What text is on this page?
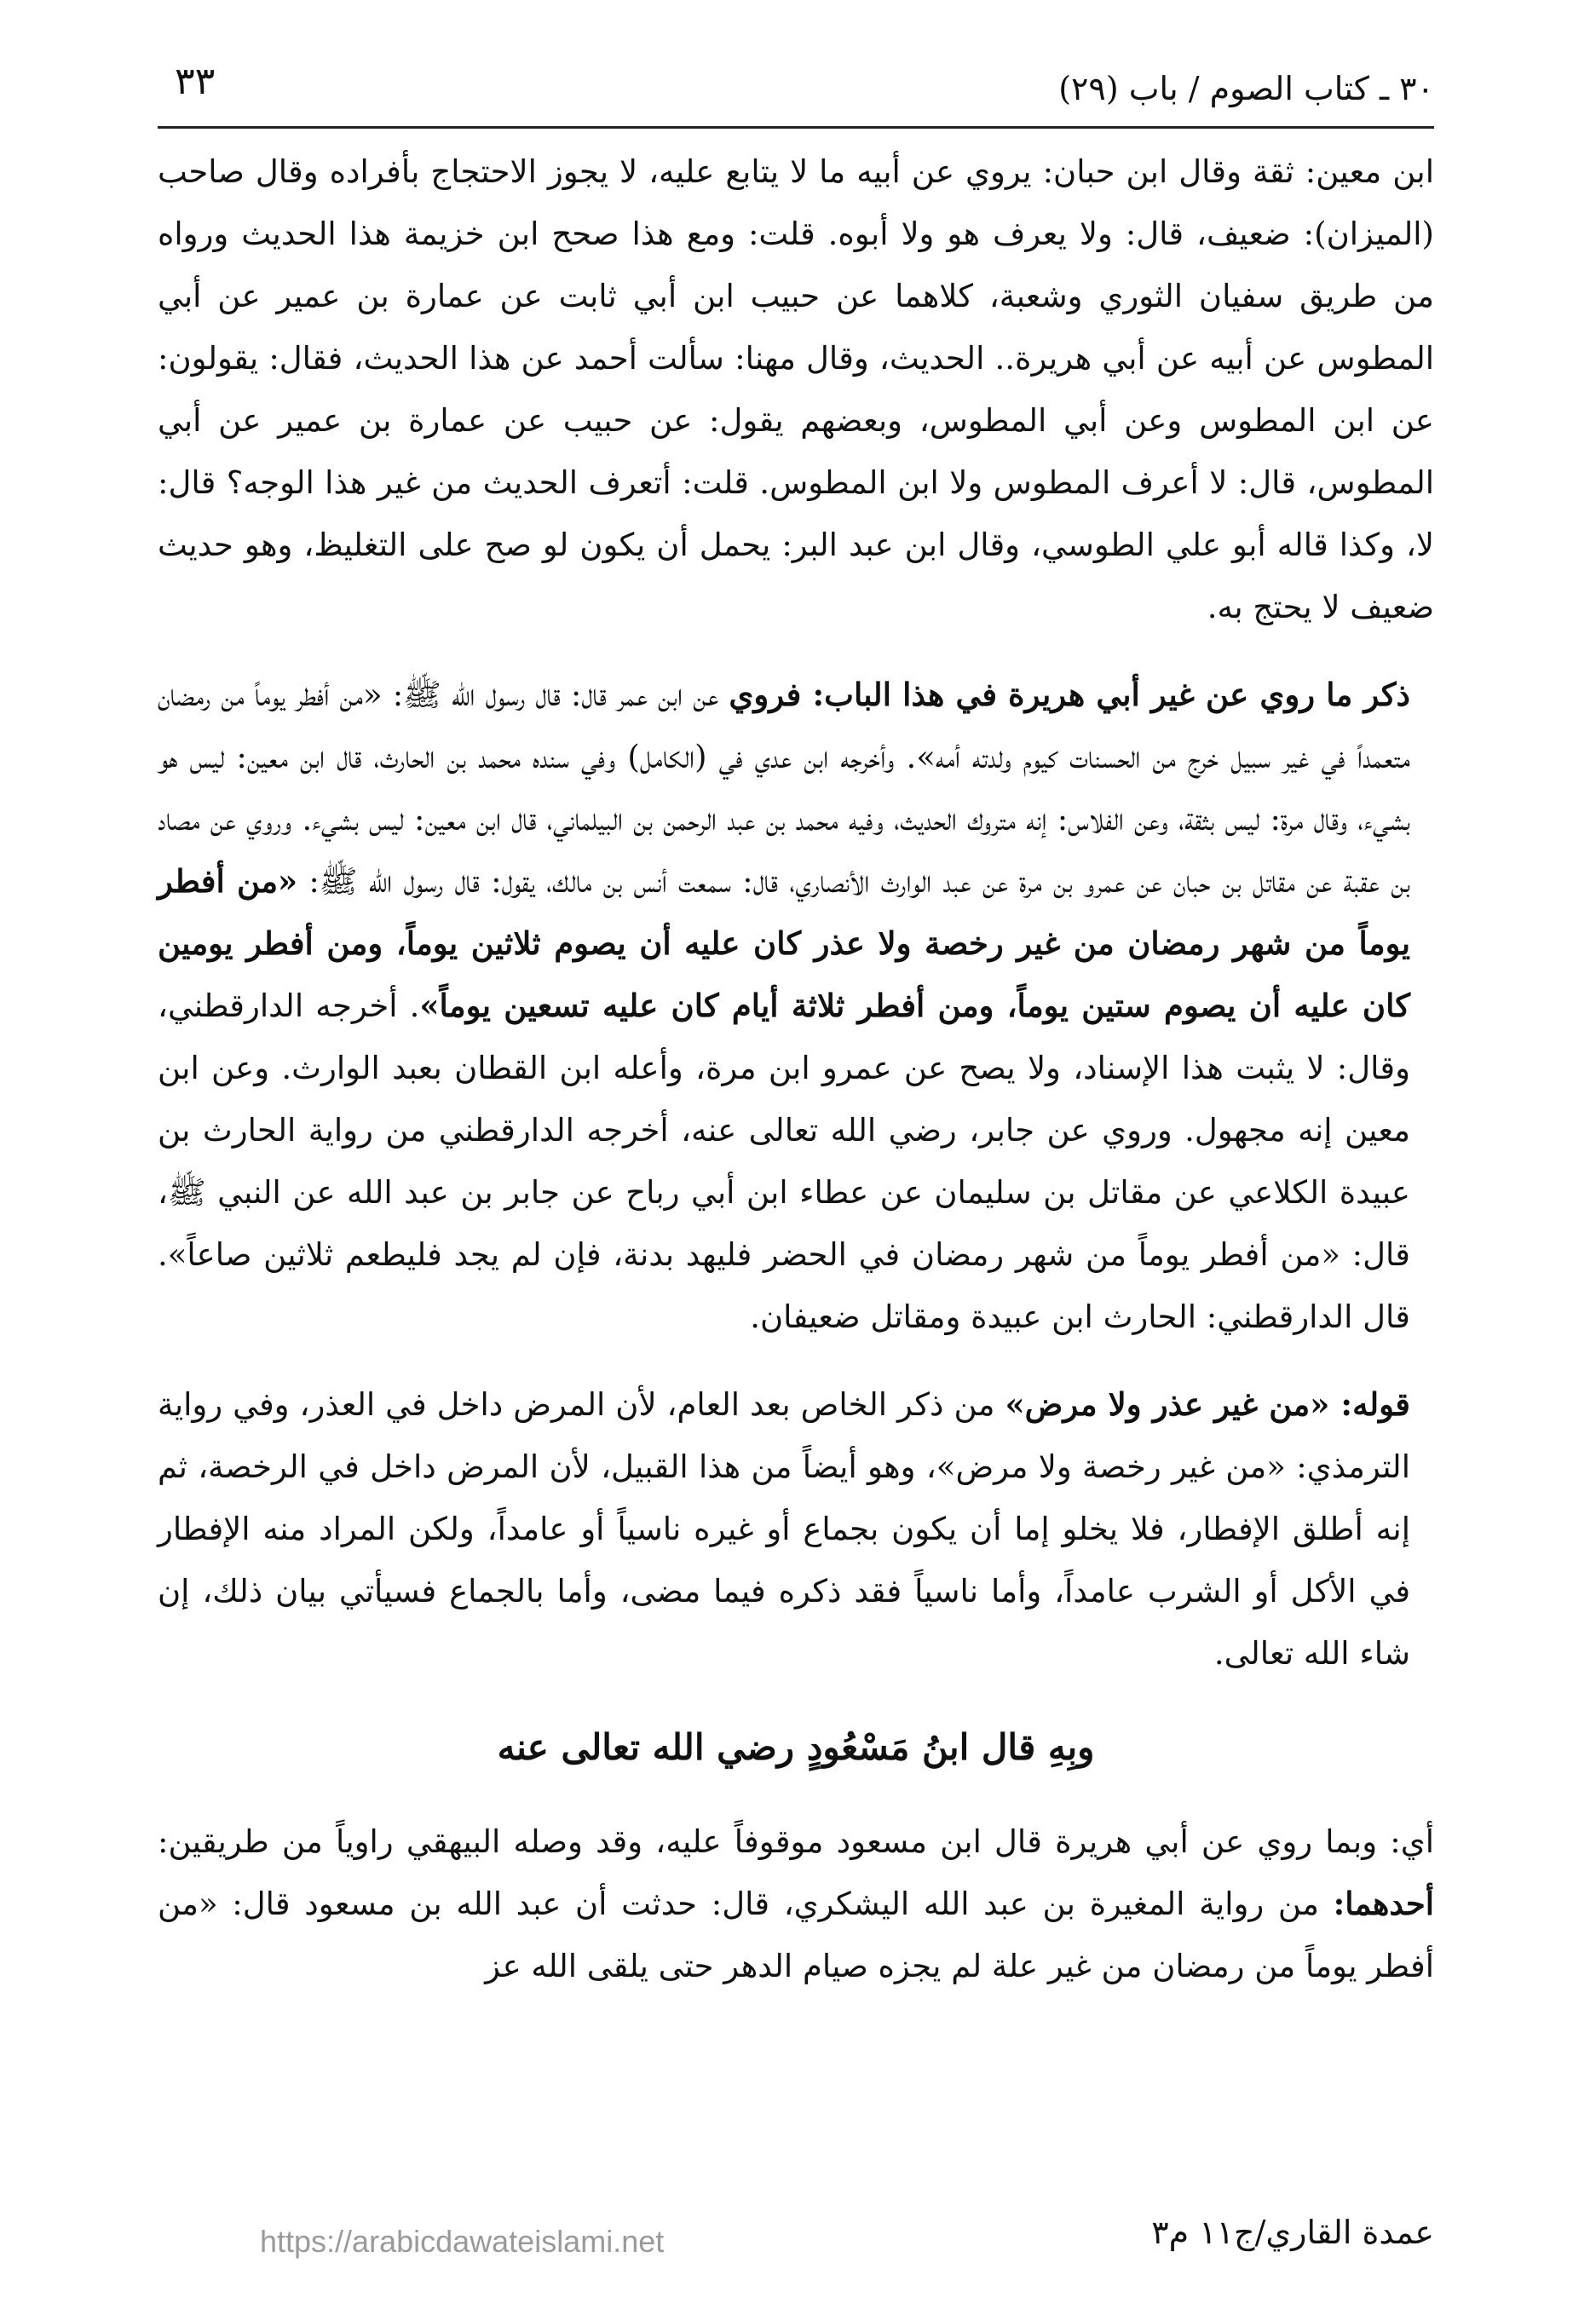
٣٠ ـ كتاب الصوم / باب (٢٩)
٣٣

ابن معين: ثقة وقال ابن حبان: يروي عن أبيه ما لا يتابع عليه، لا يجوز الاحتجاج بأفراده وقال صاحب (الميزان): ضعيف، قال: ولا يعرف هو ولا أبوه. قلت: ومع هذا صحح ابن خزيمة هذا الحديث ورواه من طريق سفيان الثوري وشعبة، كلاهما عن حبيب ابن أبي ثابت عن عمارة بن عمير عن أبي المطوس عن أبيه عن أبي هريرة.. الحديث، وقال مهنا: سألت أحمد عن هذا الحديث، فقال: يقولون: عن ابن المطوس وعن أبي المطوس، وبعضهم يقول: عن حبيب عن عمارة بن عمير عن أبي المطوس، قال: لا أعرف المطوس ولا ابن المطوس. قلت: أتعرف الحديث من غير هذا الوجه؟ قال: لا، وكذا قاله أبو علي الطوسي، وقال ابن عبد البر: يحمل أن يكون لو صح على التغليظ، وهو حديث ضعيف لا يحتج به.

ذكر ما روي عن غير أبي هريرة في هذا الباب: فروي عن ابن عمر قال: قال رسول الله ﷺ: «من أفطر يوماً من رمضان متعمداً في غير سبيل خرج من الحسنات كيوم ولدته أمه». وأخرجه ابن عدي في (الكامل) وفي سنده محمد بن الحارث، قال ابن معين: ليس هو بشيء، وقال مرة: ليس بثقة، وعن الفلاس: إنه متروك الحديث، وفيه محمد بن عبد الرحمن بن البيلماني، قال ابن معين: ليس بشيء. وروي عن مصاد بن عقبة عن مقاتل بن حبان عن عمرو بن مرة عن عبد الوارث الأنصاري، قال: سمعت أنس بن مالك، يقول: قال رسول الله ﷺ: «من أفطر يوماً من شهر رمضان من غير رخصة ولا عذر كان عليه أن يصوم ثلاثين يوماً، ومن أفطر يومين كان عليه أن يصوم ستين يوماً، ومن أفطر ثلاثة أيام كان عليه تسعين يوماً». أخرجه الدارقطني، وقال: لا يثبت هذا الإسناد، ولا يصح عن عمرو ابن مرة، وأعله ابن القطان بعبد الوارث. وعن ابن معين إنه مجهول. وروي عن جابر، رضي الله تعالى عنه، أخرجه الدارقطني من رواية الحارث بن عبيدة الكلاعي عن مقاتل بن سليمان عن عطاء ابن أبي رباح عن جابر بن عبد الله عن النبي ﷺ، قال: «من أفطر يوماً من شهر رمضان في الحضر فليهد بدنة، فإن لم يجد فليطعم ثلاثين صاعاً». قال الدارقطني: الحارث ابن عبيدة ومقاتل ضعيفان.

قوله: «من غير عذر ولا مرض» من ذكر الخاص بعد العام، لأن المرض داخل في العذر، وفي رواية الترمذي: «من غير رخصة ولا مرض»، وهو أيضاً من هذا القبيل، لأن المرض داخل في الرخصة، ثم إنه أطلق الإفطار، فلا يخلو إما أن يكون بجماع أو غيره ناسياً أو عامداً، ولكن المراد منه الإفطار في الأكل أو الشرب عامداً، وأما ناسياً فقد ذكره فيما مضى، وأما بالجماع فسيأتي بيان ذلك، إن شاء الله تعالى.

وبِهِ قال ابنُ مَسْعُودٍ رضي الله تعالى عنه

أي: وبما روي عن أبي هريرة قال ابن مسعود موقوفاً عليه، وقد وصله البيهقي راوياً من طريقين: أحدهما: من رواية المغيرة بن عبد الله اليشكري، قال: حدثت أن عبد الله بن مسعود قال: «من أفطر يوماً من رمضان من غير علة لم يجزه صيام الدهر حتى يلقى الله عز

عمدة القاري/ج١١ م٣
https://arabicdawateislami.net
